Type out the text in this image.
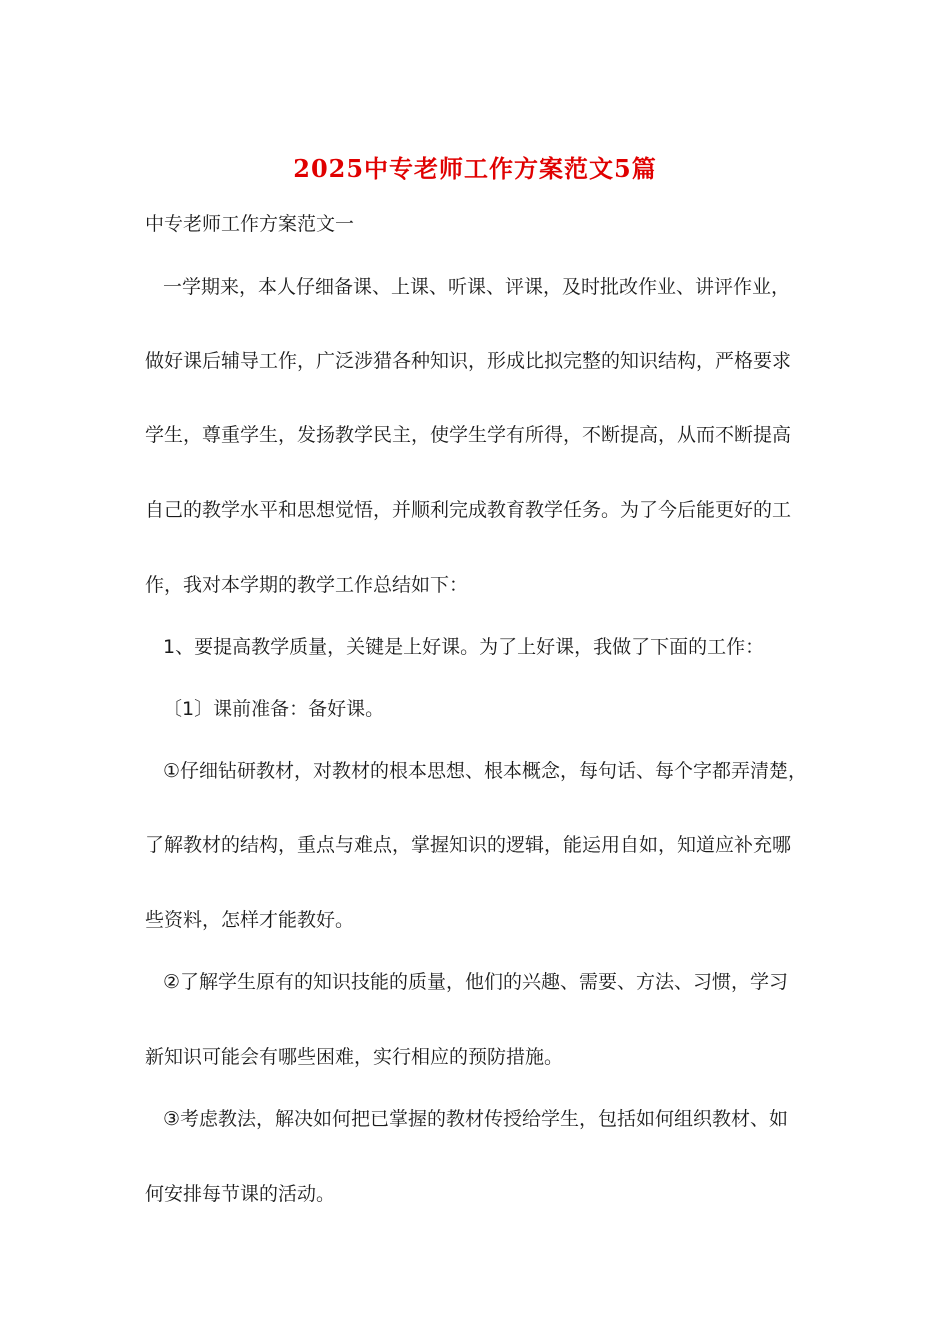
2025中专老师工作方案范文5篇
中专老师工作方案范文一
一学期来，本人仔细备课、上课、听课、评课，及时批改作业、讲评作业，
做好课后辅导工作，广泛涉猎各种知识，形成比拟完整的知识结构，严格要求
学生，尊重学生，发扬教学民主，使学生学有所得，不断提高，从而不断提高
自己的教学水平和思想觉悟，并顺利完成教育教学任务。为了今后能更好的工
作，我对本学期的教学工作总结如下：
1、要提高教学质量，关键是上好课。为了上好课，我做了下面的工作：
〔1〕课前准备：备好课。
①仔细钻研教材，对教材的根本思想、根本概念，每句话、每个字都弄清楚，
了解教材的结构，重点与难点，掌握知识的逻辑，能运用自如，知道应补充哪
些资料，怎样才能教好。
②了解学生原有的知识技能的质量，他们的兴趣、需要、方法、习惯，学习
新知识可能会有哪些困难，实行相应的预防措施。
③考虑教法，解决如何把已掌握的教材传授给学生，包括如何组织教材、如
何安排每节课的活动。
